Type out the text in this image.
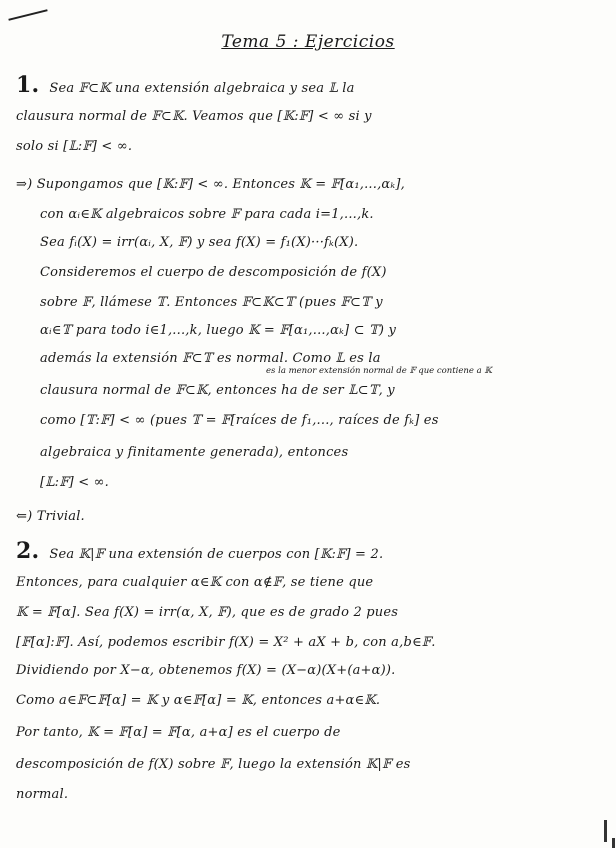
Tema 5 : Ejercicios
1. Sea 𝔽⊂𝕂 una extensión algebraica y sea 𝕃 la
clausura normal de 𝔽⊂𝕂. Veamos que [𝕂:𝔽] < ∞ si y
solo si [𝕃:𝔽] < ∞.
⇒) Supongamos que [𝕂:𝔽] < ∞. Entonces 𝕂 = 𝔽[α₁,...,αₖ],
con αᵢ∈𝕂 algebraicos sobre 𝔽 para cada i=1,...,k.
Sea fᵢ(X) = irr(αᵢ, X, 𝔽) y sea f(X) = f₁(X)···fₖ(X).
Consideremos el cuerpo de descomposición de f(X)
sobre 𝔽, llámese 𝕋. Entonces 𝔽⊂𝕂⊂𝕋 (pues 𝔽⊂𝕋 y
αᵢ∈𝕋 para todo i∈1,...,k, luego 𝕂 = 𝔽[α₁,...,αₖ] ⊂ 𝕋) y
además la extensión 𝔽⊂𝕋 es normal. Como 𝕃 es la
es la menor extensión normal de 𝔽 que contiene a 𝕂
clausura normal de 𝔽⊂𝕂, entonces ha de ser 𝕃⊂𝕋, y
como [𝕋:𝔽] < ∞ (pues 𝕋 = 𝔽[raíces de f₁,..., raíces de fₖ] es
algebraica y finitamente generada), entonces
[𝕃:𝔽] < ∞.
⇐) Trivial.
2. Sea 𝕂|𝔽 una extensión de cuerpos con [𝕂:𝔽] = 2.
Entonces, para cualquier α∈𝕂 con α∉𝔽, se tiene que
𝕂 = 𝔽[α]. Sea f(X) = irr(α, X, 𝔽), que es de grado 2 pues
[𝔽[α]:𝔽]. Así, podemos escribir f(X) = X² + aX + b, con a,b∈𝔽.
Dividiendo por X−α, obtenemos f(X) = (X−α)(X+(a+α)).
Como a∈𝔽⊂𝔽[α] = 𝕂 y α∈𝔽[α] = 𝕂, entonces a+α∈𝕂.
Por tanto, 𝕂 = 𝔽[α] = 𝔽[α, a+α] es el cuerpo de
descomposición de f(X) sobre 𝔽, luego la extensión 𝕂|𝔽 es
normal.
